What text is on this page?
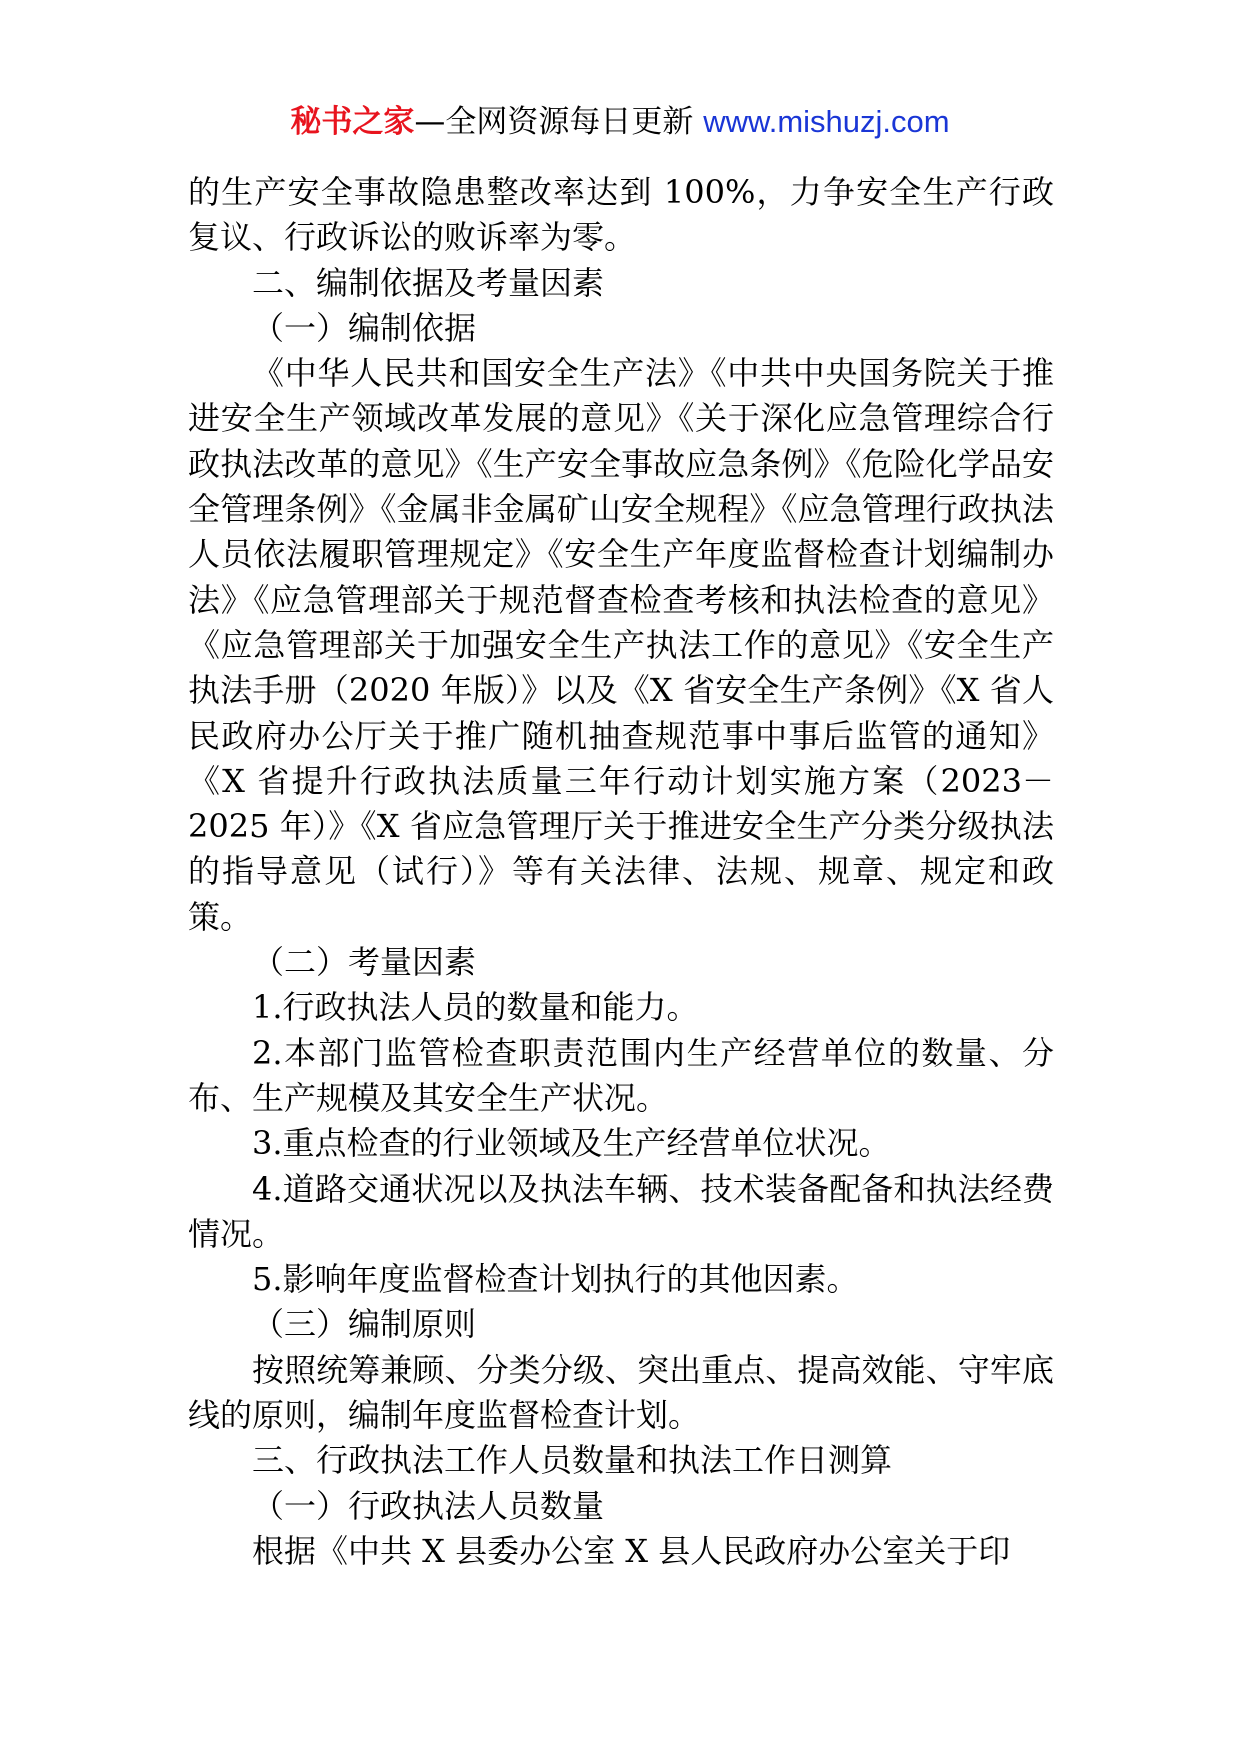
秘书之家—全网资源每日更新 www.mishuzj.com

的生产安全事故隐患整改率达到 100%，力争安全生产行政复议、行政诉讼的败诉率为零。

二、编制依据及考量因素

（一）编制依据

《中华人民共和国安全生产法》《中共中央国务院关于推进安全生产领域改革发展的意见》《关于深化应急管理综合行政执法改革的意见》《生产安全事故应急条例》《危险化学品安全管理条例》《金属非金属矿山安全规程》《应急管理行政执法人员依法履职管理规定》《安全生产年度监督检查计划编制办法》《应急管理部关于规范督查检查考核和执法检查的意见》《应急管理部关于加强安全生产执法工作的意见》《安全生产执法手册（2020 年版）》以及《X 省安全生产条例》《X 省人民政府办公厅关于推广随机抽查规范事中事后监管的通知》《X 省提升行政执法质量三年行动计划实施方案（2023－2025 年）》《X 省应急管理厅关于推进安全生产分类分级执法的指导意见（试行）》等有关法律、法规、规章、规定和政策。

（二）考量因素

1.行政执法人员的数量和能力。

2.本部门监管检查职责范围内生产经营单位的数量、分布、生产规模及其安全生产状况。

3.重点检查的行业领域及生产经营单位状况。

4.道路交通状况以及执法车辆、技术装备配备和执法经费情况。

5.影响年度监督检查计划执行的其他因素。

（三）编制原则

按照统筹兼顾、分类分级、突出重点、提高效能、守牢底线的原则，编制年度监督检查计划。

三、行政执法工作人员数量和执法工作日测算

（一）行政执法人员数量

根据《中共 X 县委办公室 X 县人民政府办公室关于印
